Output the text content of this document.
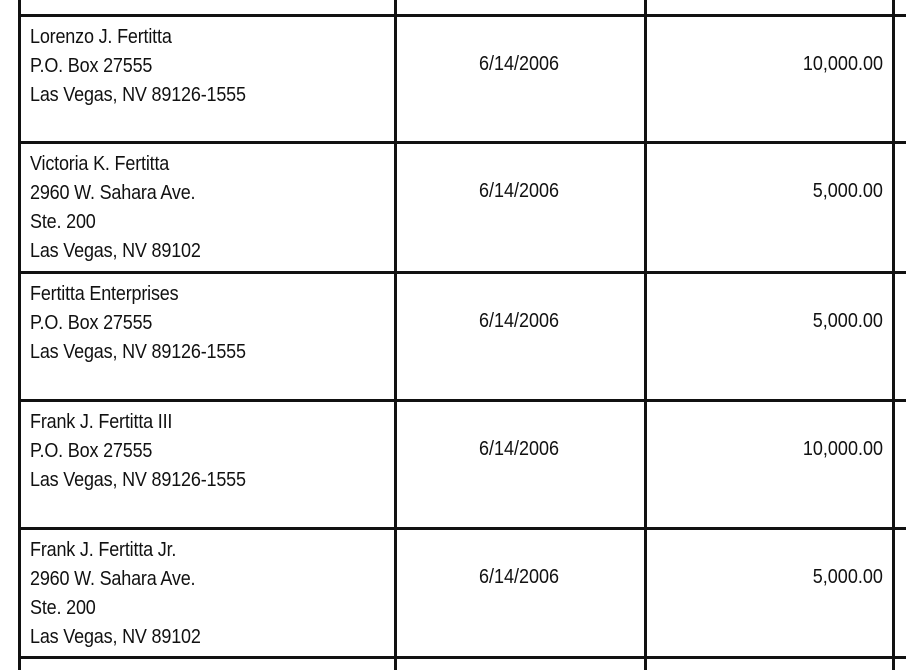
Lorenzo J. Fertitta
P.O. Box 27555
Las Vegas, NV 89126-1555
6/14/2006	10,000.00
Victoria K. Fertitta
2960 W. Sahara Ave.
Ste. 200
Las Vegas, NV 89102
6/14/2006	5,000.00
Fertitta Enterprises
P.O. Box 27555
Las Vegas, NV 89126-1555
6/14/2006	5,000.00
Frank J. Fertitta III
P.O. Box 27555
Las Vegas, NV 89126-1555
6/14/2006	10,000.00
Frank J. Fertitta Jr.
2960 W. Sahara Ave.
Ste. 200
Las Vegas, NV 89102
6/14/2006	5,000.00
